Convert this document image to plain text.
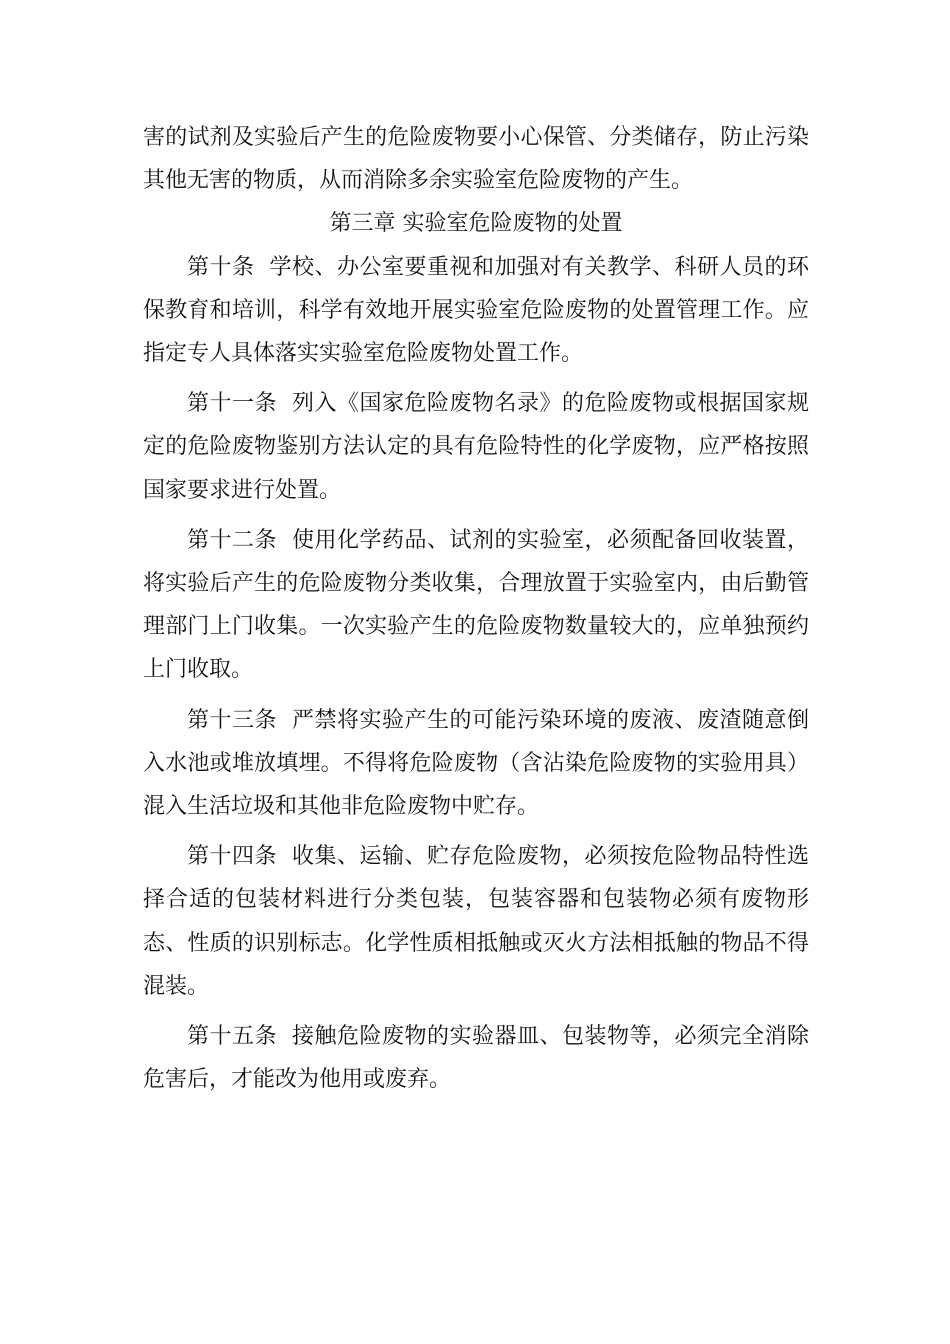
害的试剂及实验后产生的危险废物要小心保管、分类储存，防止污染其他无害的物质，从而消除多余实验室危险废物的产生。

第三章 实验室危险废物的处置

第十条 学校、办公室要重视和加强对有关教学、科研人员的环保教育和培训，科学有效地开展实验室危险废物的处置管理工作。应指定专人具体落实实验室危险废物处置工作。

第十一条 列入《国家危险废物名录》的危险废物或根据国家规定的危险废物鉴别方法认定的具有危险特性的化学废物，应严格按照国家要求进行处置。

第十二条 使用化学药品、试剂的实验室，必须配备回收装置，将实验后产生的危险废物分类收集，合理放置于实验室内，由后勤管理部门上门收集。一次实验产生的危险废物数量较大的，应单独预约上门收取。

第十三条 严禁将实验产生的可能污染环境的废液、废渣随意倒入水池或堆放填埋。不得将危险废物（含沾染危险废物的实验用具）混入生活垃圾和其他非危险废物中贮存。

第十四条 收集、运输、贮存危险废物，必须按危险物品特性选择合适的包装材料进行分类包装，包装容器和包装物必须有废物形态、性质的识别标志。化学性质相抵触或灭火方法相抵触的物品不得混装。

第十五条 接触危险废物的实验器皿、包装物等，必须完全消除危害后，才能改为他用或废弃。
